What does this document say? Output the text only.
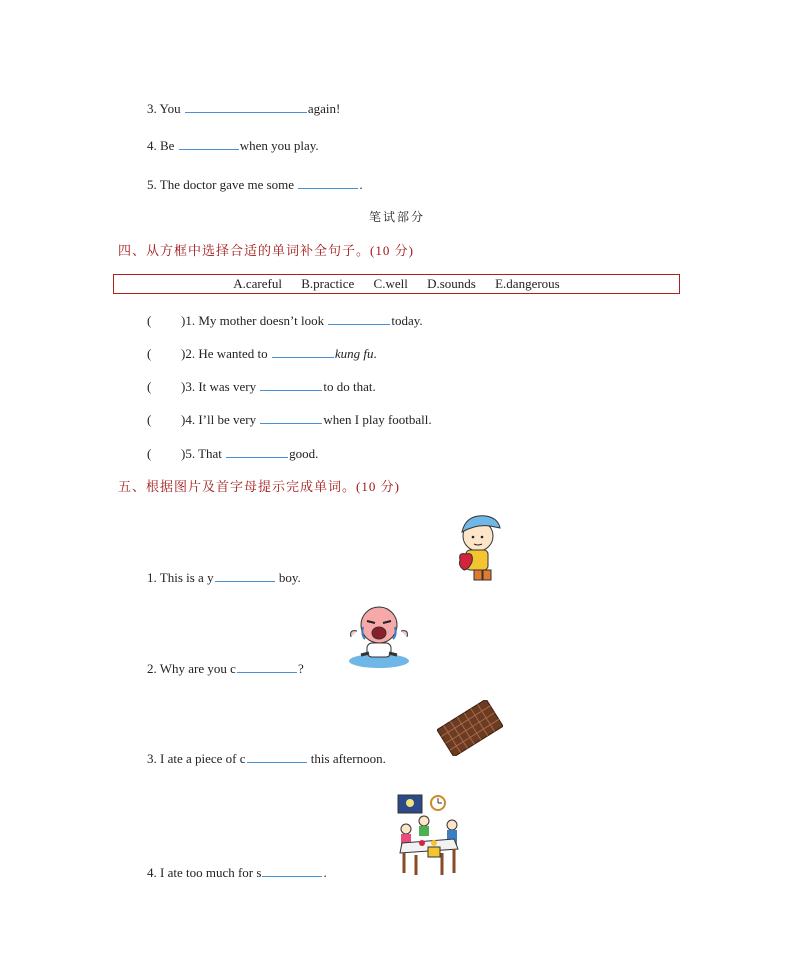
3. You	again!
4. Be	when you play.
5. The doctor gave me some	.
笔试部分
四、从方框中选择合适的单词补全句子。(10 分)
A.careful B.practice C.well D.sounds E.dangerous
( )1. My mother doesn’t look	today.
( )2. He wanted to	kung fu.
( )3. It was very	to do that.
( )4. I’ll be very	when I play football.
( )5. That	good.
五、根据图片及首字母提示完成单词。(10 分)
1. This is a y	boy.
2. Why are you c	?
3. I ate a piece of c	this afternoon.
4. I ate too much for s	.
